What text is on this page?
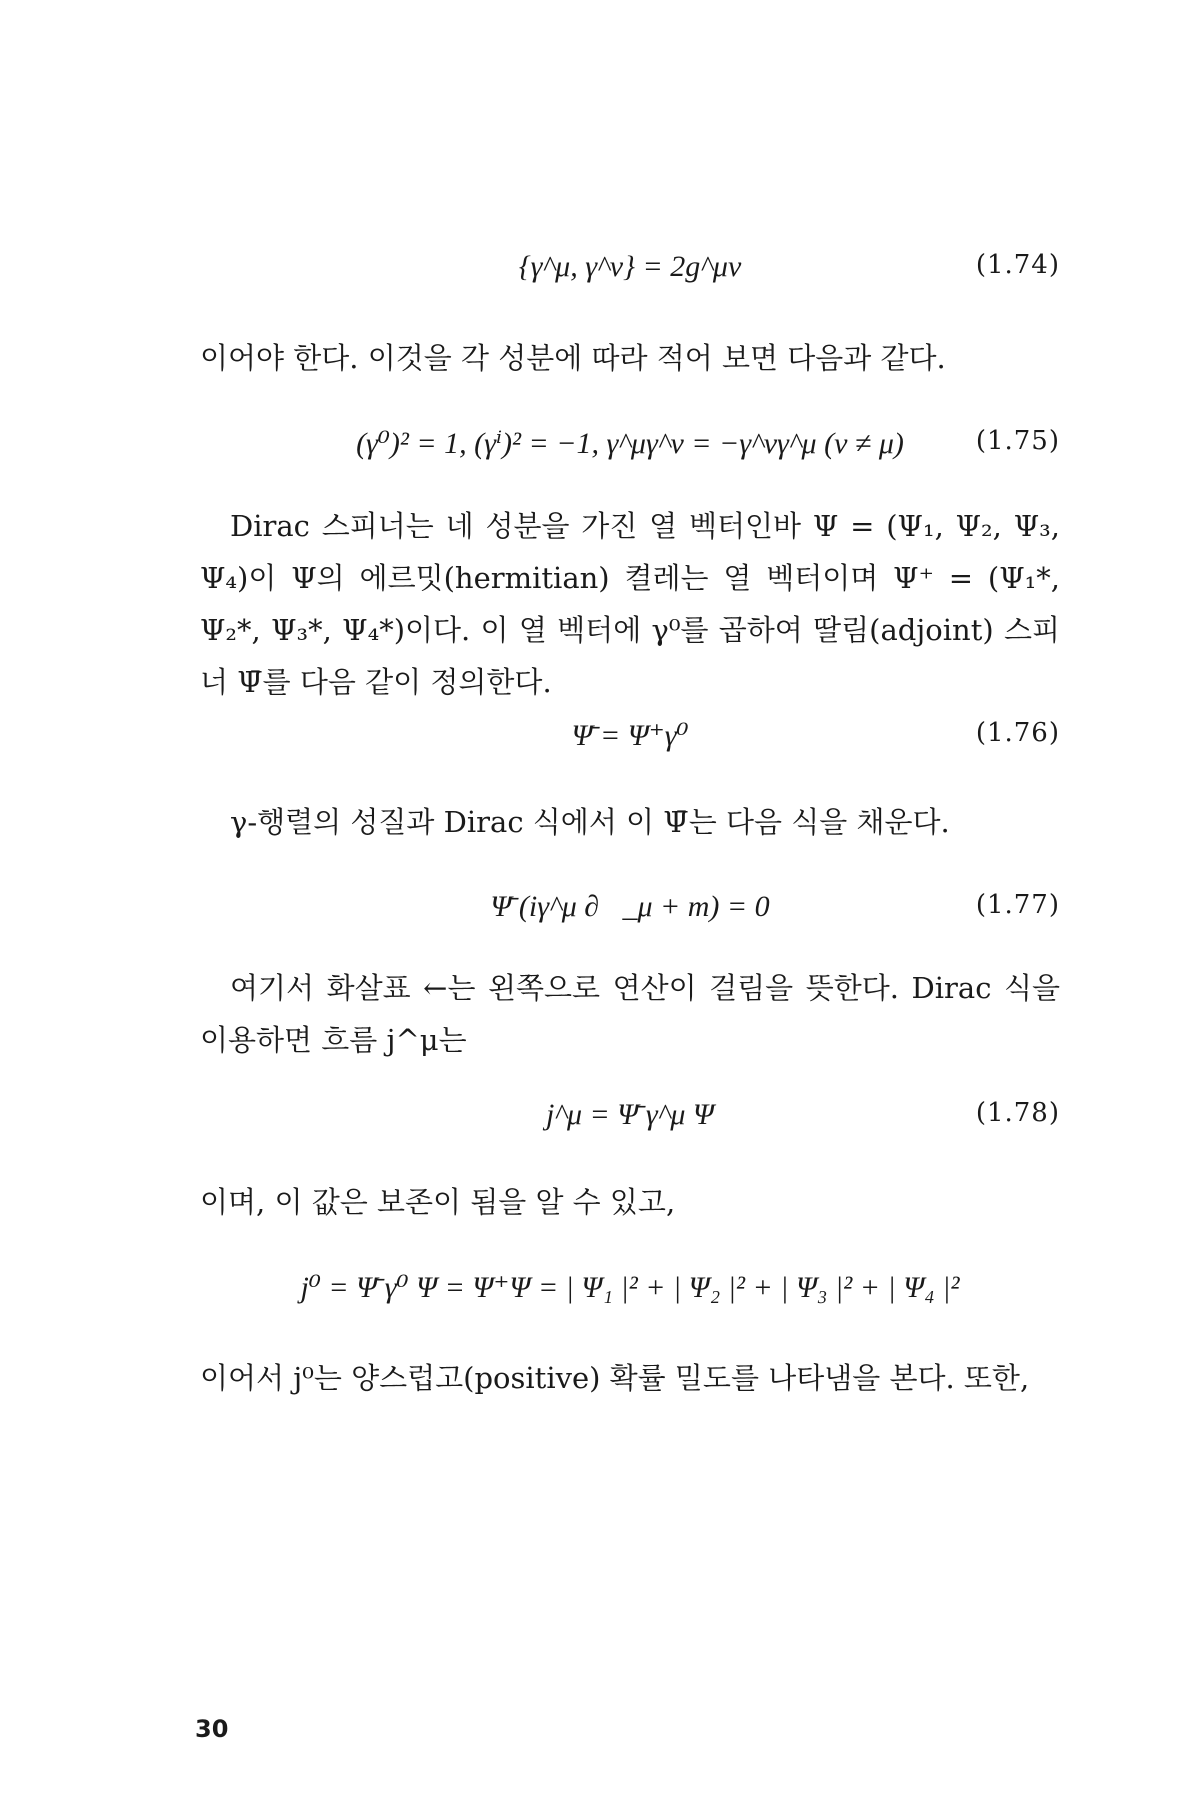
{γ^μ, γ^ν} = 2g^μν	(1.74)

이어야 한다. 이것을 각 성분에 따라 적어 보면 다음과 같다.

(γ⁰)² = 1, (γⁱ)² = −1, γ^μγ^ν = −γ^νγ^μ (ν ≠ μ)	(1.75)

Dirac 스피너는 네 성분을 가진 열 벡터인바 Ψ = (Ψ₁, Ψ₂, Ψ₃, Ψ₄)이 Ψ의 에르밋(hermitian) 켤레는 열 벡터이며 Ψ⁺ = (Ψ₁*, Ψ₂*, Ψ₃*, Ψ₄*)이다. 이 열 벡터에 γ⁰를 곱하여 딸림(adjoint) 스피너 Ψ̄를 다음 같이 정의한다.

Ψ̄ = Ψ⁺γ⁰	(1.76)

γ-행렬의 성질과 Dirac 식에서 이 Ψ̄는 다음 식을 채운다.

Ψ̄ (iγ^μ ∂⃖_μ + m) = 0	(1.77)

여기서 화살표 ←는 왼쪽으로 연산이 걸림을 뜻한다. Dirac 식을 이용하면 흐름 j^μ는

j^μ = Ψ̄ γ^μ Ψ	(1.78)

이며, 이 값은 보존이 됨을 알 수 있고,

j⁰ = Ψ̄ γ⁰ Ψ = Ψ⁺Ψ = | Ψ₁ |² + | Ψ₂ |² + | Ψ₃ |² + | Ψ₄ |²

이어서 j⁰는 양스럽고(positive) 확률 밀도를 나타냄을 본다. 또한,

30
